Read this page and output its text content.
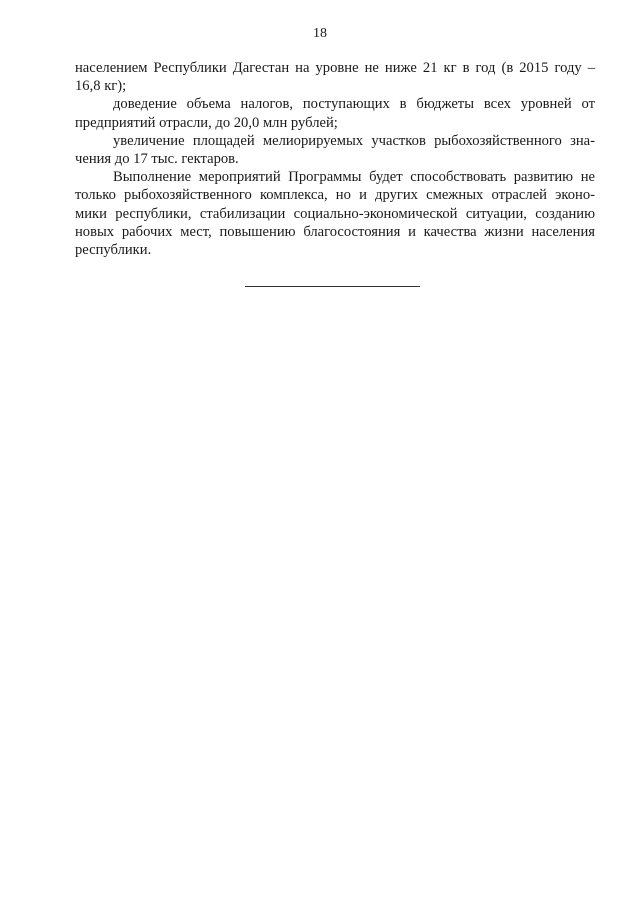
18
населением Республики Дагестан на уровне не ниже 21 кг в год (в 2015 году –
16,8 кг);
доведение объема налогов, поступающих в бюджеты всех уровней от
предприятий отрасли, до 20,0 млн рублей;
увеличение площадей мелиорируемых участков рыбохозяйственного зна-
чения до 17 тыс. гектаров.
Выполнение мероприятий Программы будет способствовать развитию не
только рыбохозяйственного комплекса, но и других смежных отраслей эконо-
мики республики, стабилизации социально-экономической ситуации, созданию
новых рабочих мест, повышению благосостояния и качества жизни населения
республики.
